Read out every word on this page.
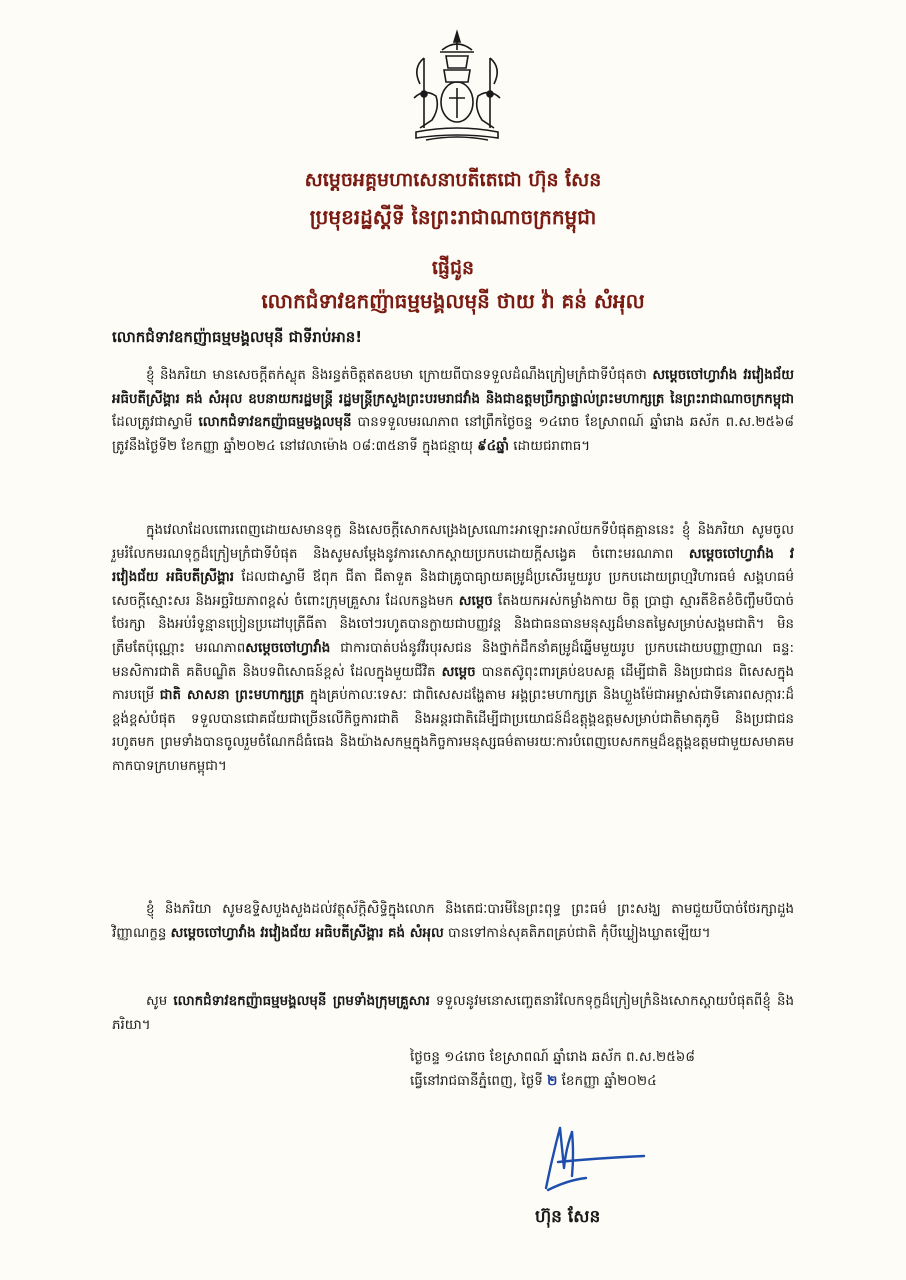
សម្តេចអគ្គមហាសេនាបតីតេជោ ហ៊ុន សែន
ប្រមុខរដ្ឋស្តីទី នៃព្រះរាជាណាចក្រកម្ពុជា
ផ្ញើជូន
លោកជំទាវឧកញ៉ាធម្មមង្គលមុនី ថាយ វ៉ា គន់ សំអុល
លោកជំទាវឧកញ៉ាធម្មមង្គលមុនី ជាទីរាប់អាន!
ខ្ញុំ និងភរិយា មានសេចក្តីតក់ស្លុត និងរន្ធត់ចិត្តឥតឧបមា ក្រោយពីបានទទួលដំណឹងក្រៀមក្រំជាទីបំផុតថា សម្តេចចៅហ្វាវាំង វរវៀងជ័យ អធិបតីស្រីង្គារ គង់ សំអុល ឧបនាយករដ្ឋមន្ត្រី រដ្ឋមន្ត្រីក្រសួងព្រះបរមរាជវាំង និងជាឧត្តមប្រឹក្សាផ្ទាល់ព្រះមហាក្សត្រ នៃព្រះរាជាណាចក្រកម្ពុជា ដែលត្រូវជាស្វាមី លោកជំទាវឧកញ៉ាធម្មមង្គលមុនី បានទទួលមរណភាព នៅព្រឹកថ្ងៃចន្ទ ១៤រោច ខែស្រាពណ៍ ឆ្នាំរោង ឆស័ក ព.ស.២៥៦៨ ត្រូវនឹងថ្ងៃទី២ ខែកញ្ញា ឆ្នាំ២០២៤ នៅវេលាម៉ោង ០៨:៣៥នាទី ក្នុងជន្មាយុ ៩៤ឆ្នាំ ដោយជរាពាធ។
ក្នុងវេលាដែលពោរពេញដោយសមានទុក្ខ និងសេចក្តីសោកសង្រេងស្រណោះអាឡោះអាល័យកទីបំផុតគ្មាននេះ ខ្ញុំ និងភរិយា សូមចូលរួមរំលែកមរណទុក្ខដ៏ក្រៀមក្រំជាទីបំផុត និងសូមសម្តែងនូវការសោកស្តាយប្រកបដោយក្តីសង្វេគ ចំពោះមរណភាព សម្តេចចៅហ្វាវាំង វរវៀងជ័យ អធិបតីស្រីង្គារ ដែលជាស្វាមី ឪពុក ជីតា ជីតាទួត និងជាគ្រូបាធ្យាយគម្រូដ៏ប្រសើរមួយរូប ប្រកបដោយព្រហ្មវិហារធម៌ សង្គហធម៌ សេចក្តីស្មោះសរ និងអច្ឆរិយភាពខ្ពស់ ចំពោះក្រុមគ្រួសារ ដែលកន្លងមក សម្តេច តែងយកអស់កម្លាំងកាយ ចិត្ត ប្រាជ្ញា ស្មារតីខិតខំចិញ្ចឹមបីបាច់ថែរក្សា និងអប់រំទូន្មានប្រៀនប្រដៅបុត្រីធីតា និងចៅៗរហូតបានក្លាយជាបញ្ញវន្ត និងជាធនធានមនុស្សដ៏មានតម្លៃសម្រាប់សង្គមជាតិ។ មិនត្រឹមតែប៉ុណ្ណោះ មរណភាពសម្តេចចៅហ្វាវាំង ជាការបាត់បង់នូវវីរបុរសជន និងថ្នាក់ដឹកនាំគម្រូដ៏ឆ្នើមមួយរូប ប្រកបដោយបញ្ញាញាណ ធន្ទ: មនសិការជាតិ គតិបណ្ឌិត និងបទពិសោធន៍ខ្ពស់ ដែលក្នុងមួយជីវិត សម្តេច បានតស៊ូពុះពារគ្រប់ឧបសគ្គ ដើម្បីជាតិ និងប្រជាជន ពិសេសក្នុងការបម្រើ ជាតិ សាសនា ព្រះមហាក្សត្រ ក្នុងគ្រប់កាលៈទេសៈ ជាពិសេសដង្ហែតាម អង្គព្រះមហាក្សត្រ និងហ្លួងម៉ែជាអម្ចាស់ជាទីគោរពសក្ការៈដ៏ខ្ពង់ខ្ពស់បំផុត ទទួលបានជោគជ័យជាច្រើនលើកិច្ចការជាតិ និងអន្តរជាតិដើម្បីជាប្រយោជន៍ដ៏ឧត្តុង្គឧត្តមសម្រាប់ជាតិមាតុភូមិ និងប្រជាជនរហូតមក ព្រមទាំងបានចូលរួមចំណែកដ៏ធំធេង និងយ៉ាងសកម្មក្នុងកិច្ចការមនុស្សធម៌តាមរយៈការបំពេញបេសកកម្មដ៏ឧត្តុង្គឧត្តមជាមួយសមាគមកាកបាទក្រហមកម្ពុជា។
ខ្ញុំ និងភរិយា សូមឧទ្ទិសបួងសួងដល់វត្ថុស័ក្តិសិទ្ធិក្នុងលោក និងតេជៈបារមីនៃព្រះពុទ្ធ ព្រះធម៌ ព្រះសង្ឃ តាមជួយបីបាច់ថែរក្សាដួងវិញ្ញាណក្ខន្ធ សម្តេចចៅហ្វាវាំង វរវៀងជ័យ អធិបតីស្រីង្គារ គង់ សំអុល បានទៅកាន់សុគតិភពគ្រប់ជាតិ កុំបីឃ្លៀងឃ្លាតឡើយ។
សូម លោកជំទាវឧកញ៉ាធម្មមង្គលមុនី ព្រមទាំងក្រុមគ្រួសារ ទទួលនូវមនោសញ្ចេតនារំលែកទុក្ខដ៏ក្រៀមក្រំនិងសោកស្តាយបំផុតពីខ្ញុំ និងភរិយា។
ថ្ងៃចន្ទ ១៤រោច ខែស្រាពណ៍ ឆ្នាំរោង ឆស័ក ព.ស.២៥៦៨
ធ្វើនៅរាជធានីភ្នំពេញ, ថ្ងៃទី ២ ខែកញ្ញា ឆ្នាំ២០២៤
ហ៊ុន សែន
